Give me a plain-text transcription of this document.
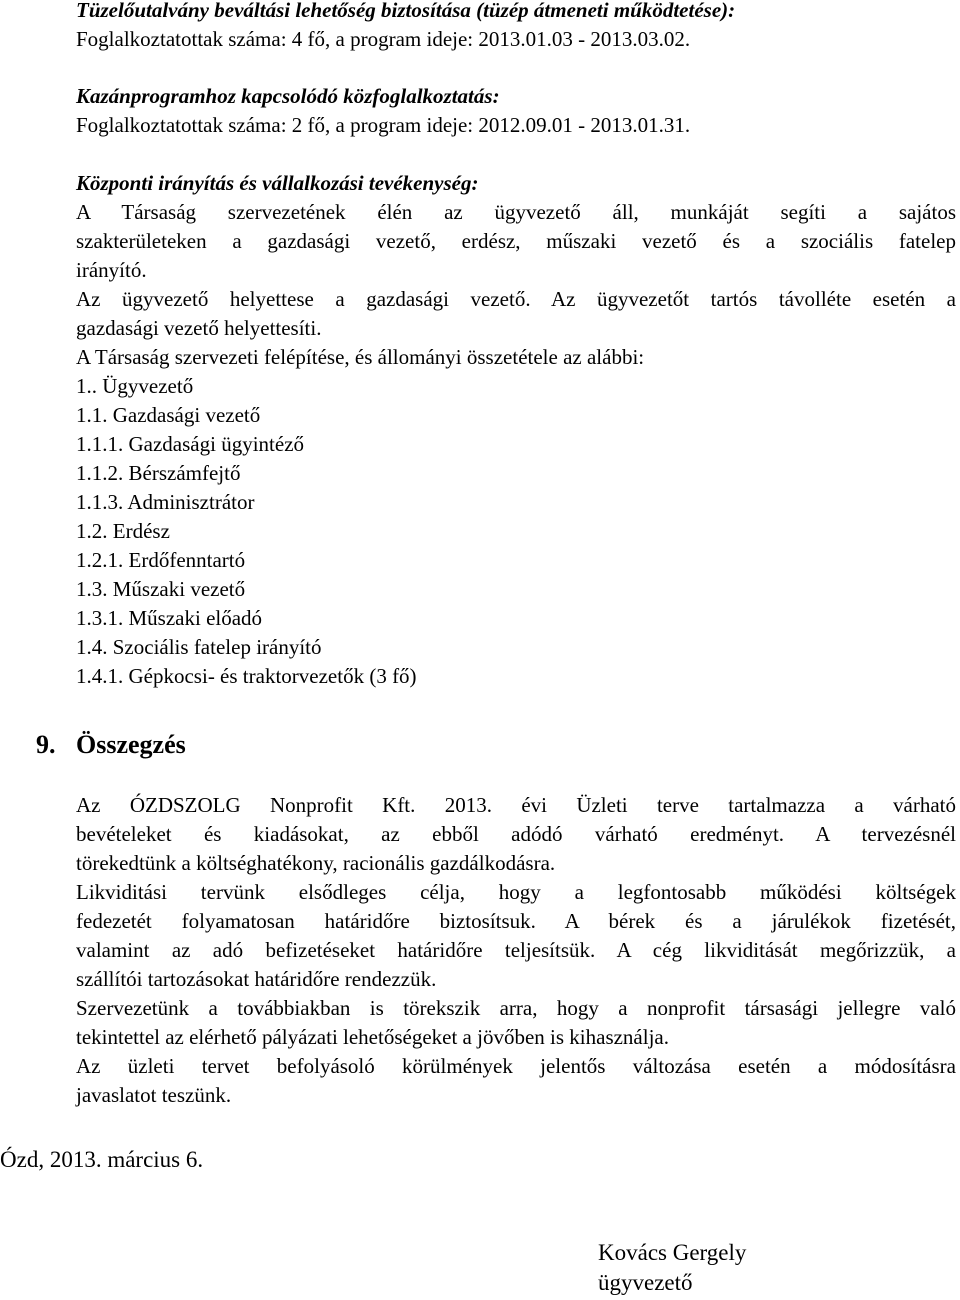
Tüzelőutalvány beváltási lehetőség biztosítása (tüzép átmeneti működtetése):
Foglalkoztatottak száma: 4 fő, a program ideje: 2013.01.03 - 2013.03.02.
Kazánprogramhoz kapcsolódó közfoglalkoztatás:
Foglalkoztatottak száma: 2 fő, a program ideje: 2012.09.01 - 2013.01.31.
Központi irányítás és vállalkozási tevékenység:
A Társaság szervezetének élén az ügyvezető áll, munkáját segíti a sajátos
szakterületeken a gazdasági vezető, erdész, műszaki vezető és a szociális fatelep
irányító.
Az ügyvezető helyettese a gazdasági vezető. Az ügyvezetőt tartós távolléte esetén a
gazdasági vezető helyettesíti.
A Társaság szervezeti felépítése, és állományi összetétele az alábbi:
1.. Ügyvezető
1.1. Gazdasági vezető
1.1.1. Gazdasági ügyintéző
1.1.2. Bérszámfejtő
1.1.3. Adminisztrátor
1.2. Erdész
1.2.1. Erdőfenntartó
1.3. Műszaki vezető
1.3.1. Műszaki előadó
1.4. Szociális fatelep irányító
1.4.1. Gépkocsi- és traktorvezetők (3 fő)
9. Összegzés
Az ÓZDSZOLG Nonprofit Kft. 2013. évi Üzleti terve tartalmazza a várható
bevételeket és kiadásokat, az ebből adódó várható eredményt. A tervezésnél
törekedtünk a költséghatékony, racionális gazdálkodásra.
Likviditási tervünk elsődleges célja, hogy a legfontosabb működési költségek
fedezetét folyamatosan határidőre biztosítsuk. A bérek és a járulékok fizetését,
valamint az adó befizetéseket határidőre teljesítsük. A cég likviditását megőrizzük, a
szállítói tartozásokat határidőre rendezzük.
Szervezetünk a továbbiakban is törekszik arra, hogy a nonprofit társasági jellegre való
tekintettel az elérhető pályázati lehetőségeket a jövőben is kihasználja.
Az üzleti tervet befolyásoló körülmények jelentős változása esetén a módosításra
javaslatot teszünk.
Ózd, 2013. március 6.
Kovács Gergely
ügyvezető
